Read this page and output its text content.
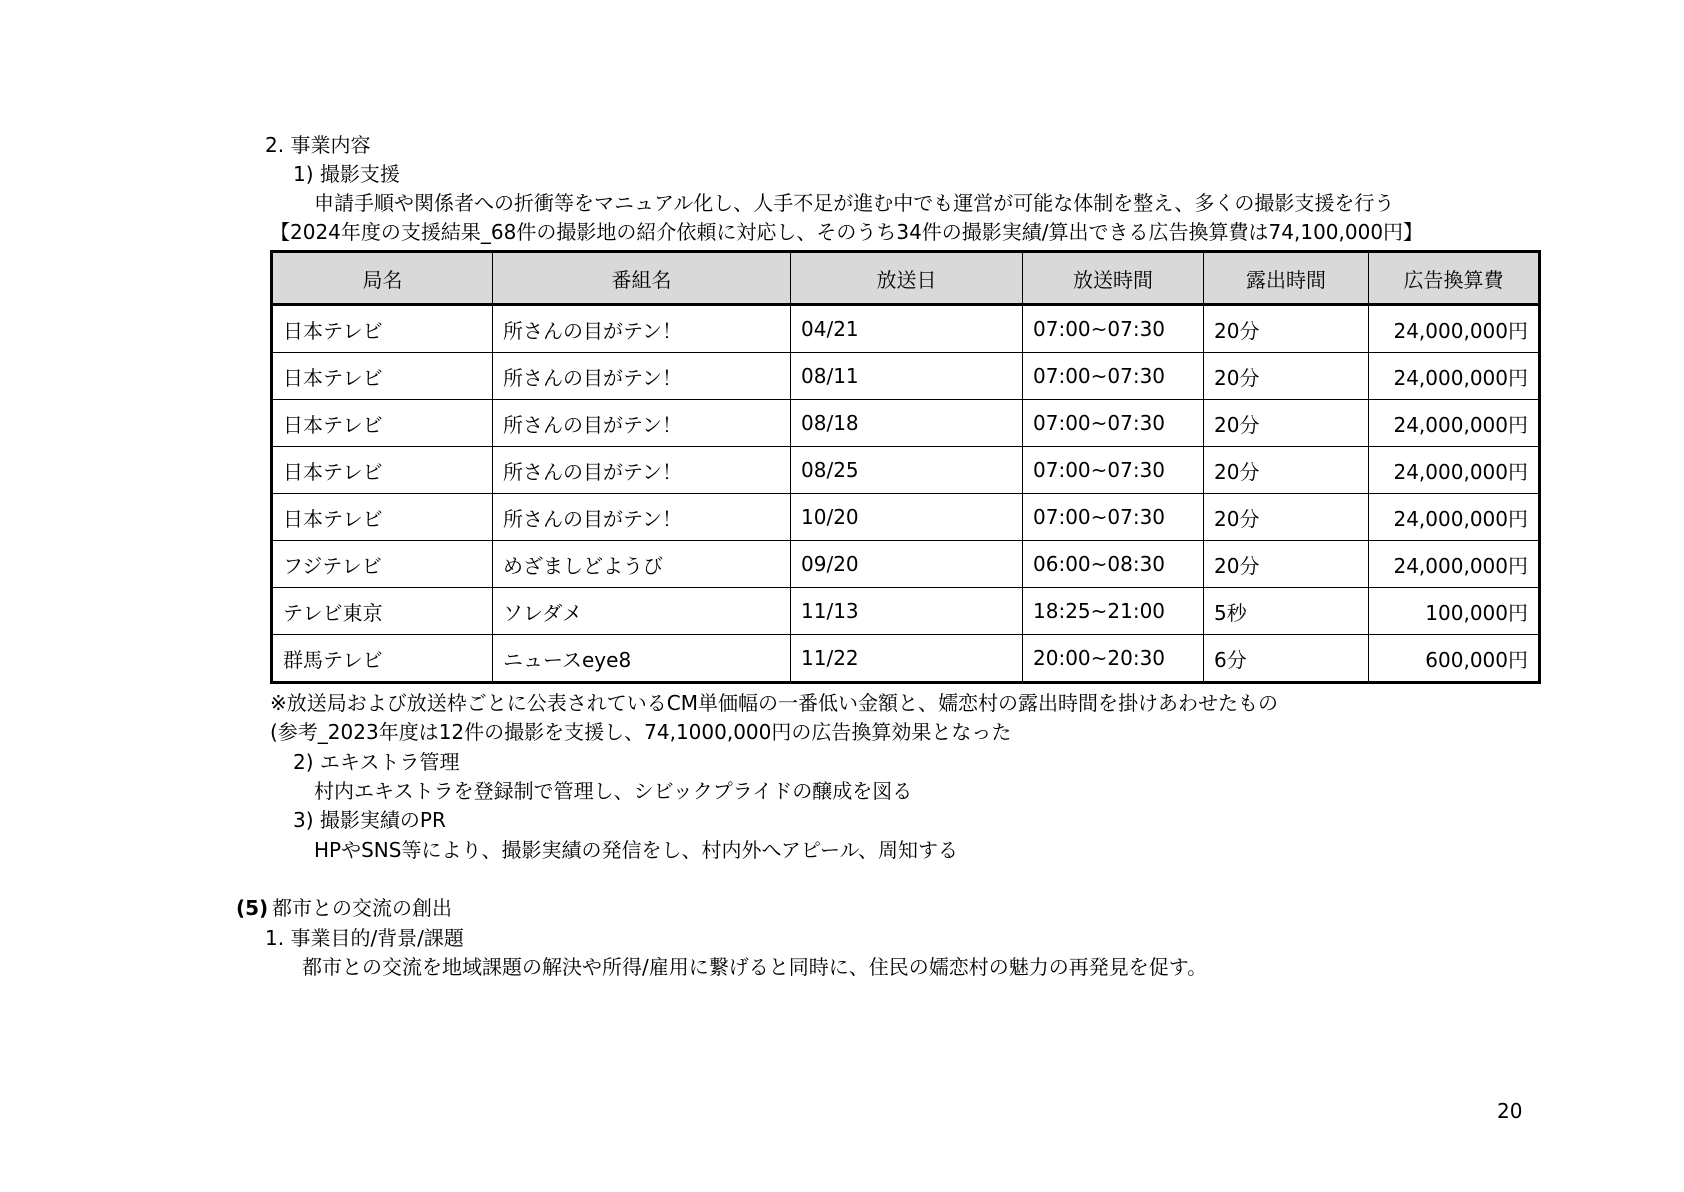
2. 事業内容
1) 撮影支援
申請手順や関係者への折衝等をマニュアル化し、人手不足が進む中でも運営が可能な体制を整え、多くの撮影支援を行う
【2024年度の支援結果_68件の撮影地の紹介依頼に対応し、そのうち34件の撮影実績/算出できる広告換算費は74,100,000円】
局名	番組名	放送日	放送時間	露出時間	広告換算費
日本テレビ	所さんの目がテン！	04/21	07:00~07:30	20分	24,000,000円
日本テレビ	所さんの目がテン！	08/11	07:00~07:30	20分	24,000,000円
日本テレビ	所さんの目がテン！	08/18	07:00~07:30	20分	24,000,000円
日本テレビ	所さんの目がテン！	08/25	07:00~07:30	20分	24,000,000円
日本テレビ	所さんの目がテン！	10/20	07:00~07:30	20分	24,000,000円
フジテレビ	めざましどようび	09/20	06:00~08:30	20分	24,000,000円
テレビ東京	ソレダメ	11/13	18:25~21:00	5秒	100,000円
群馬テレビ	ニュースeye8	11/22	20:00~20:30	6分	600,000円
※放送局および放送枠ごとに公表されているCM単価幅の一番低い金額と、嬬恋村の露出時間を掛けあわせたもの
(参考_2023年度は12件の撮影を支援し、74,1000,000円の広告換算効果となった
2) エキストラ管理
村内エキストラを登録制で管理し、シビックプライドの醸成を図る
3) 撮影実績のPR
HPやSNS等により、撮影実績の発信をし、村内外へアピール、周知する
(5) 都市との交流の創出
1. 事業目的/背景/課題
都市との交流を地域課題の解決や所得/雇用に繋げると同時に、住民の嬬恋村の魅力の再発見を促す。
20
